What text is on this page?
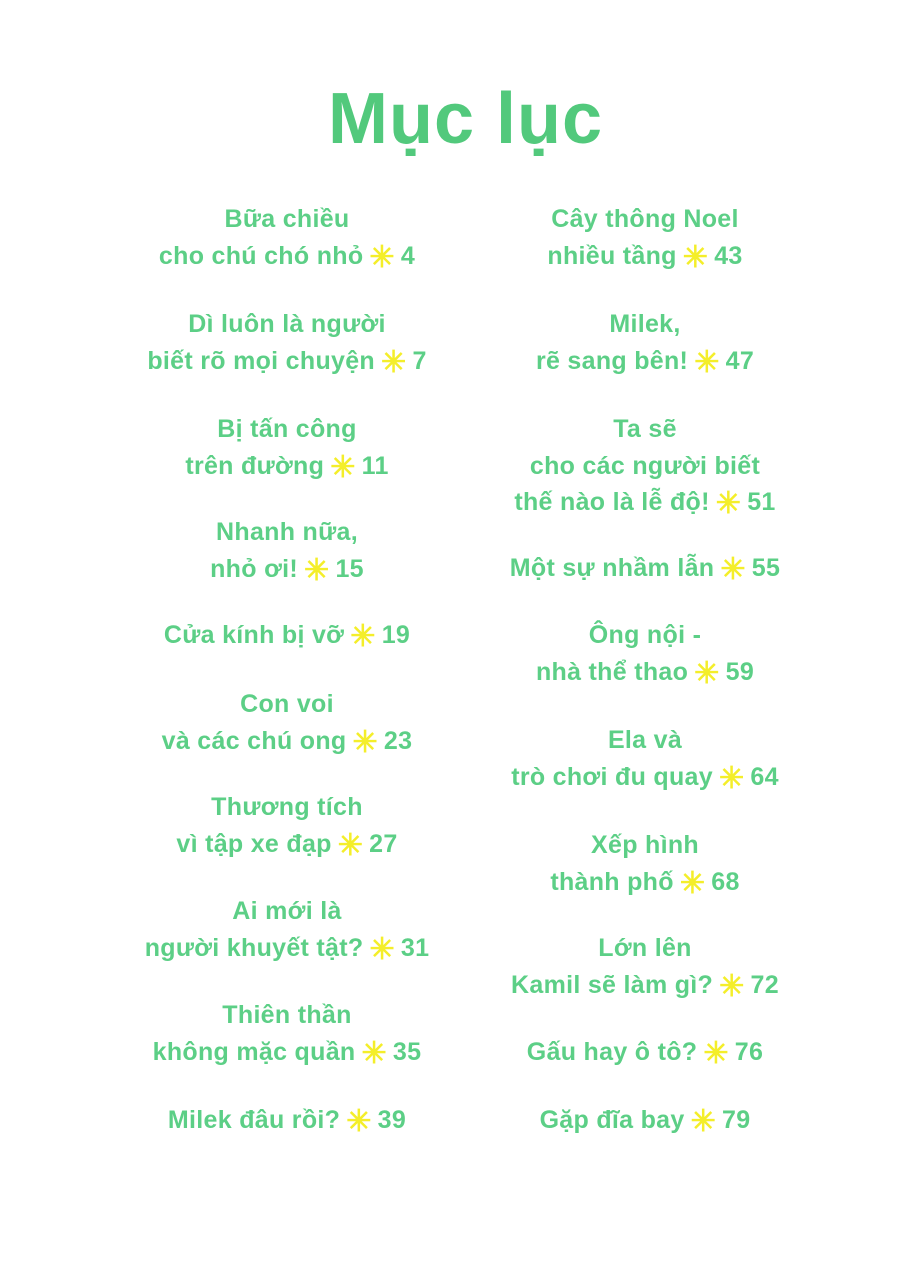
Mục lục
Bữa chiều
cho chú chó nhỏ ✳ 4
Dì luôn là người
biết rõ mọi chuyện ✳ 7
Bị tấn công
trên đường ✳ 11
Nhanh nữa,
nhỏ ơi! ✳ 15
Cửa kính bị vỡ ✳ 19
Con voi
và các chú ong ✳ 23
Thương tích
vì tập xe đạp ✳ 27
Ai mới là
người khuyết tật? ✳ 31
Thiên thần
không mặc quần ✳ 35
Milek đâu rồi? ✳ 39
Cây thông Noel
nhiều tầng ✳ 43
Milek,
rẽ sang bên! ✳ 47
Ta sẽ
cho các người biết
thế nào là lễ độ! ✳ 51
Một sự nhầm lẫn ✳ 55
Ông nội -
nhà thể thao ✳ 59
Ela và
trò chơi đu quay ✳ 64
Xếp hình
thành phố ✳ 68
Lớn lên
Kamil sẽ làm gì? ✳ 72
Gấu hay ô tô? ✳ 76
Gặp đĩa bay ✳ 79
